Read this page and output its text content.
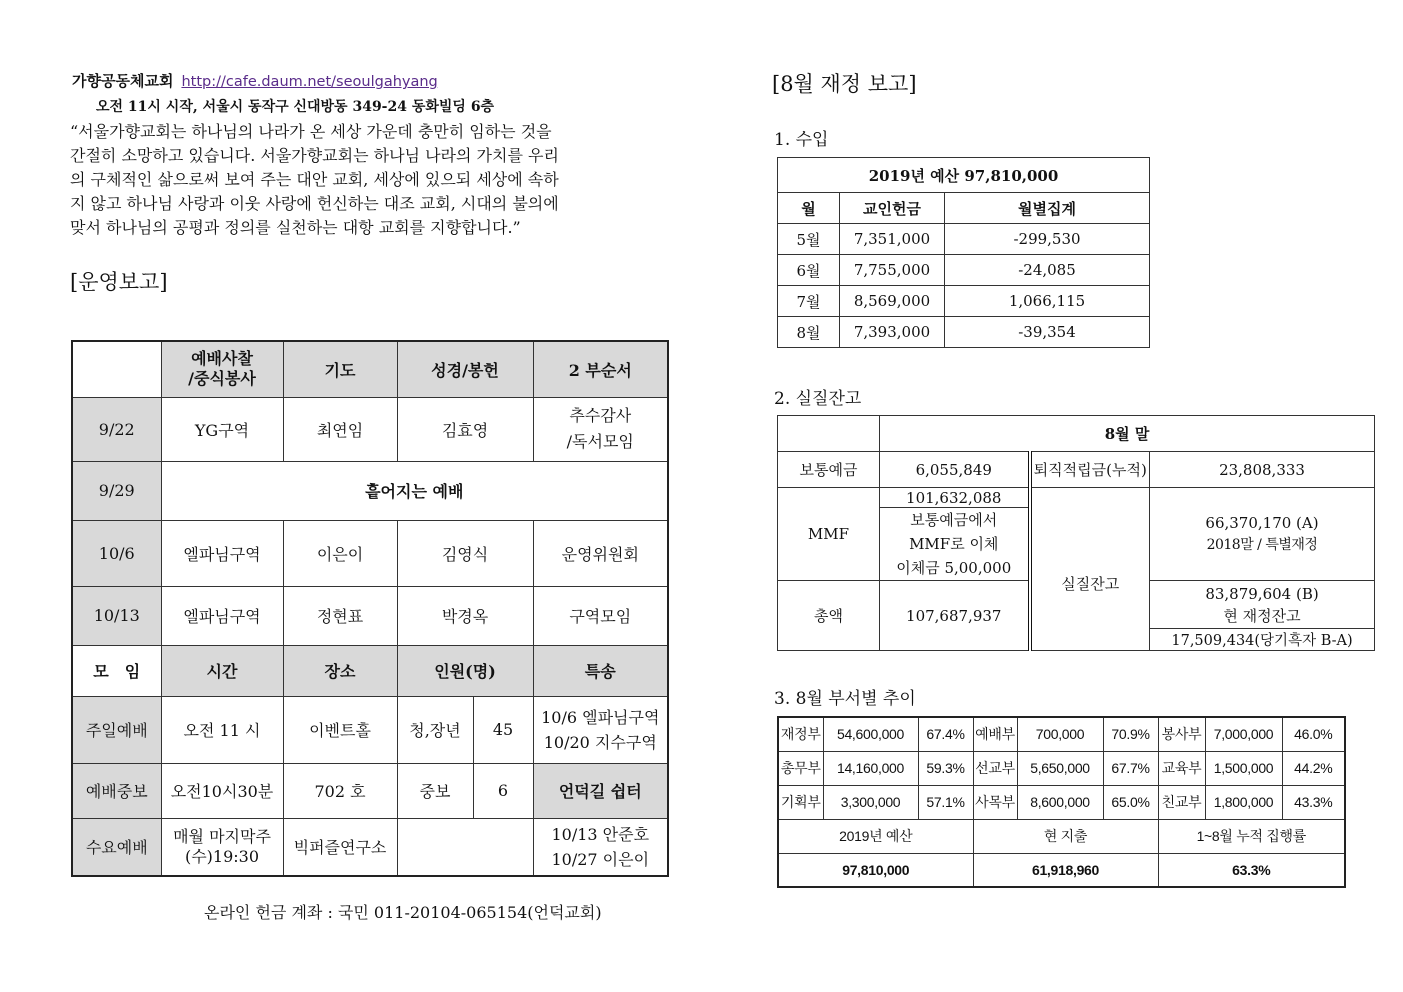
가향공동체교회 http://cafe.daum.net/seoulgahyang
오전 11시 시작, 서울시 동작구 신대방동 349-24 동화빌딩 6층
“서울가향교회는 하나님의 나라가 온 세상 가운데 충만히 임하는 것을
간절히 소망하고 있습니다. 서울가향교회는 하나님 나라의 가치를 우리
의 구체적인 삶으로써 보여 주는 대안 교회, 세상에 있으되 세상에 속하
지 않고 하나님 사랑과 이웃 사랑에 헌신하는 대조 교회, 시대의 불의에
맞서 하나님의 공평과 정의를 실천하는 대항 교회를 지향합니다.”
[운영보고]
	예배사찰
/중식봉사	기도	성경/봉헌		2 부순서
9/22	YG구역	최연임	김효영		추수감사
/독서모임
9/29	흩어지는 예배				
10/6	엘파님구역	이은이	김영식		운영위원회
10/13	엘파님구역	정현표	박경옥		구역모임
모　임	시간	장소	인원(명)		특송
주일예배	오전 11 시	이벤트홀	청,장년	45	10/6 엘파님구역
10/20 지수구역
예배중보	오전10시30분	702 호	중보	6	언덕길 쉽터
수요예배	매월 마지막주
(수)19:30	빅퍼즐연구소			10/13 안준호
10/27 이은이
온라인 헌금 계좌 : 국민 011-20104-065154(언덕교회)
[8월 재정 보고]
1. 수입
2019년 예산 97,810,000		
월	교인헌금	월별집계
5월	7,351,000	-299,530
6월	7,755,000	-24,085
7월	8,569,000	1,066,115
8월	7,393,000	-39,354
2. 실질잔고
	8월 말		
보통예금	6,055,849	퇴직적립금(누적)	23,808,333
MMF	101,632,088	실질잔고	66,370,170 (A)
2018말 / 특별재정

	보통예금에서
MMF로 이체
이체금 5,00,000		

총액	107,687,937		83,879,604 (B)
현 재정잔고

			17,509,434(당기흑자 B-A)
3. 8월 부서별 추이
재정부	54,600,000	67.4%	예배부	700,000	70.9%	봉사부	7,000,000	46.0%
총무부	14,160,000	59.3%	선교부	5,650,000	67.7%	교육부	1,500,000	44.2%
기획부	3,300,000	57.1%	사목부	8,600,000	65.0%	친교부	1,800,000	43.3%
2019년 예산			현 지출			1~8월 누적 집행률		
97,810,000			61,918,960			63.3%		
